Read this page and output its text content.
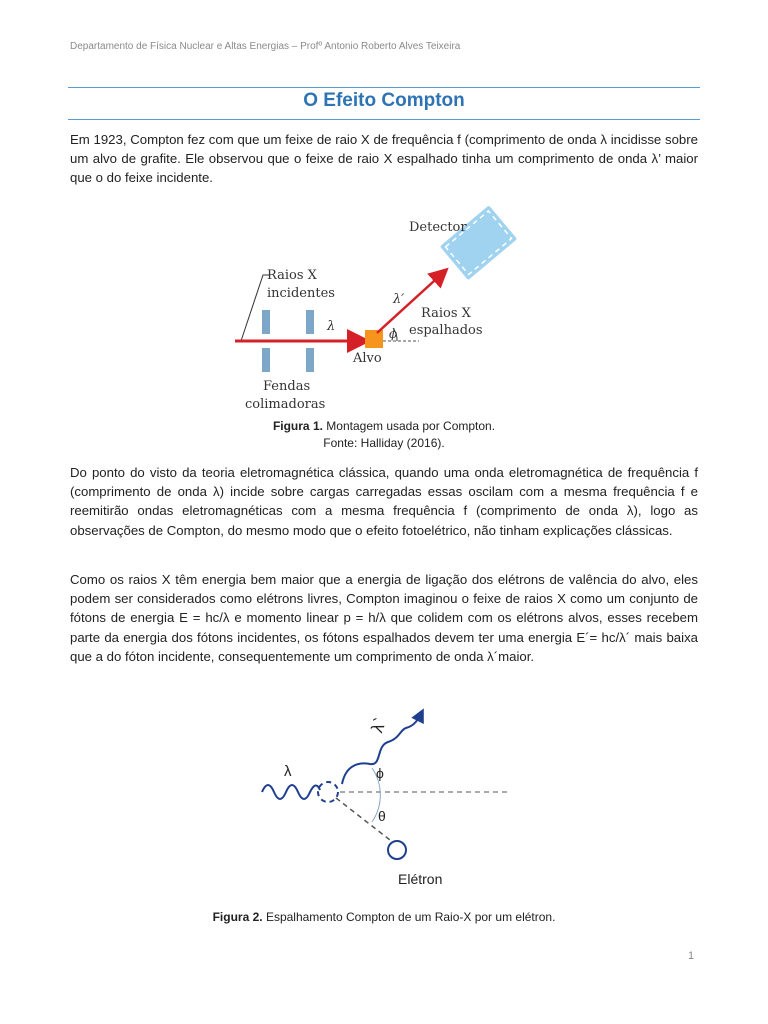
Departamento de Física Nuclear e Altas Energias – Profº Antonio Roberto Alves Teixeira
O Efeito Compton

Em 1923, Compton fez com que um feixe de raio X de frequência f (comprimento de onda λ incidisse sobre um alvo de grafite. Ele observou que o feixe de raio X espalhado tinha um comprimento de onda λ’ maior que o do feixe incidente.

Detector
Raios X
incidentes
λ
λ′
Raios X
espalhados
ϕ
Alvo
Fendas
colimadoras
Figura 1. Montagem usada por Compton.
Fonte: Halliday (2016).

Do ponto do visto da teoria eletromagnética clássica, quando uma onda eletromagnética de frequência f (comprimento de onda λ) incide sobre cargas carregadas essas oscilam com a mesma frequência f e reemitirão ondas eletromagnéticas com a mesma frequência f (comprimento de onda λ), logo as observações de Compton, do mesmo modo que o efeito fotoelétrico, não tinham explicações clássicas.

Como os raios X têm energia bem maior que a energia de ligação dos elétrons de valência do alvo, eles podem ser considerados como elétrons livres, Compton imaginou o feixe de raios X como um conjunto de fótons de energia E = hc/λ e momento linear p = h/λ que colidem com os elétrons alvos, esses recebem parte da energia dos fótons incidentes, os fótons espalhados devem ter uma energia E´= hc/λ´ mais baixa que a do fóton incidente, consequentemente um comprimento de onda λ´maior.

λ
λ`
ϕ
θ
Elétron
Figura 2. Espalhamento Compton de um Raio-X por um elétron.
1
